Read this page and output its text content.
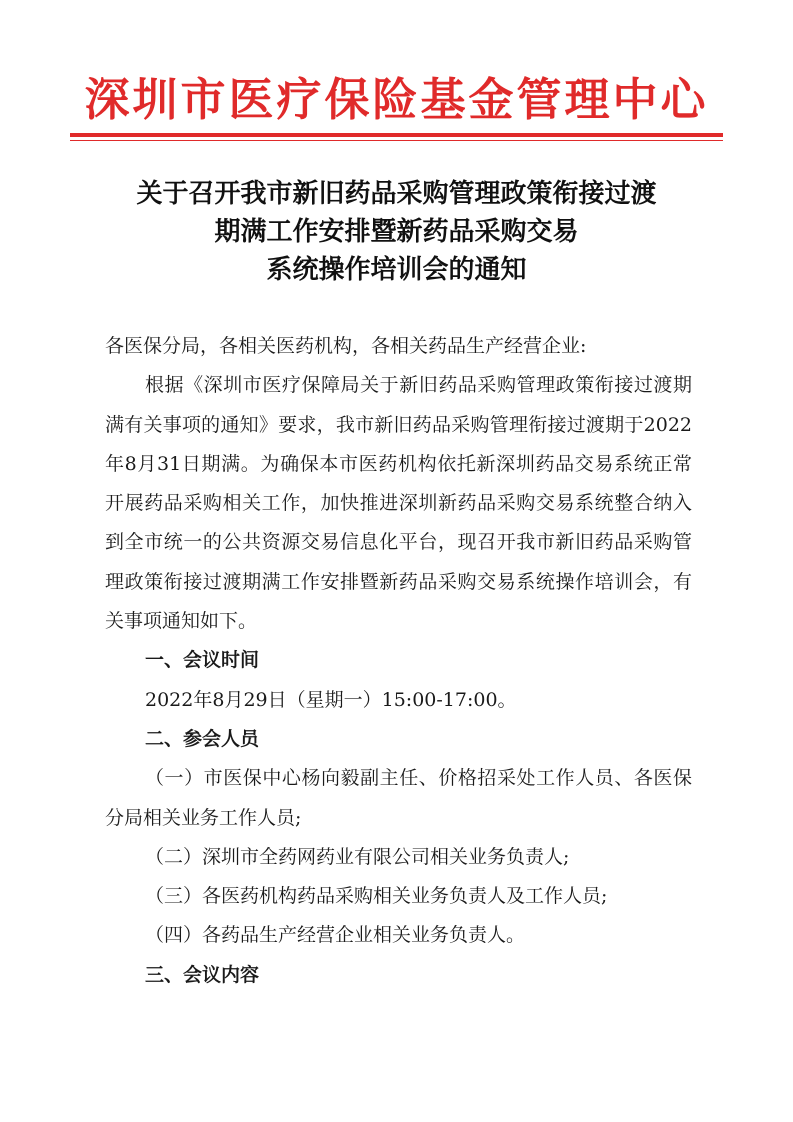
深圳市医疗保险基金管理中心
关于召开我市新旧药品采购管理政策衔接过渡
期满工作安排暨新药品采购交易
系统操作培训会的通知

各医保分局，各相关医药机构，各相关药品生产经营企业:

根据《深圳市医疗保障局关于新旧药品采购管理政策衔接过渡期满有关事项的通知》要求，我市新旧药品采购管理衔接过渡期于2022年8月31日期满。为确保本市医药机构依托新深圳药品交易系统正常开展药品采购相关工作，加快推进深圳新药品采购交易系统整合纳入到全市统一的公共资源交易信息化平台，现召开我市新旧药品采购管理政策衔接过渡期满工作安排暨新药品采购交易系统操作培训会，有关事项通知如下。

一、会议时间

2022年8月29日（星期一）15:00-17:00。

二、参会人员

（一）市医保中心杨向毅副主任、价格招采处工作人员、各医保分局相关业务工作人员;

（二）深圳市全药网药业有限公司相关业务负责人;

（三）各医药机构药品采购相关业务负责人及工作人员;

（四）各药品生产经营企业相关业务负责人。

三、会议内容
